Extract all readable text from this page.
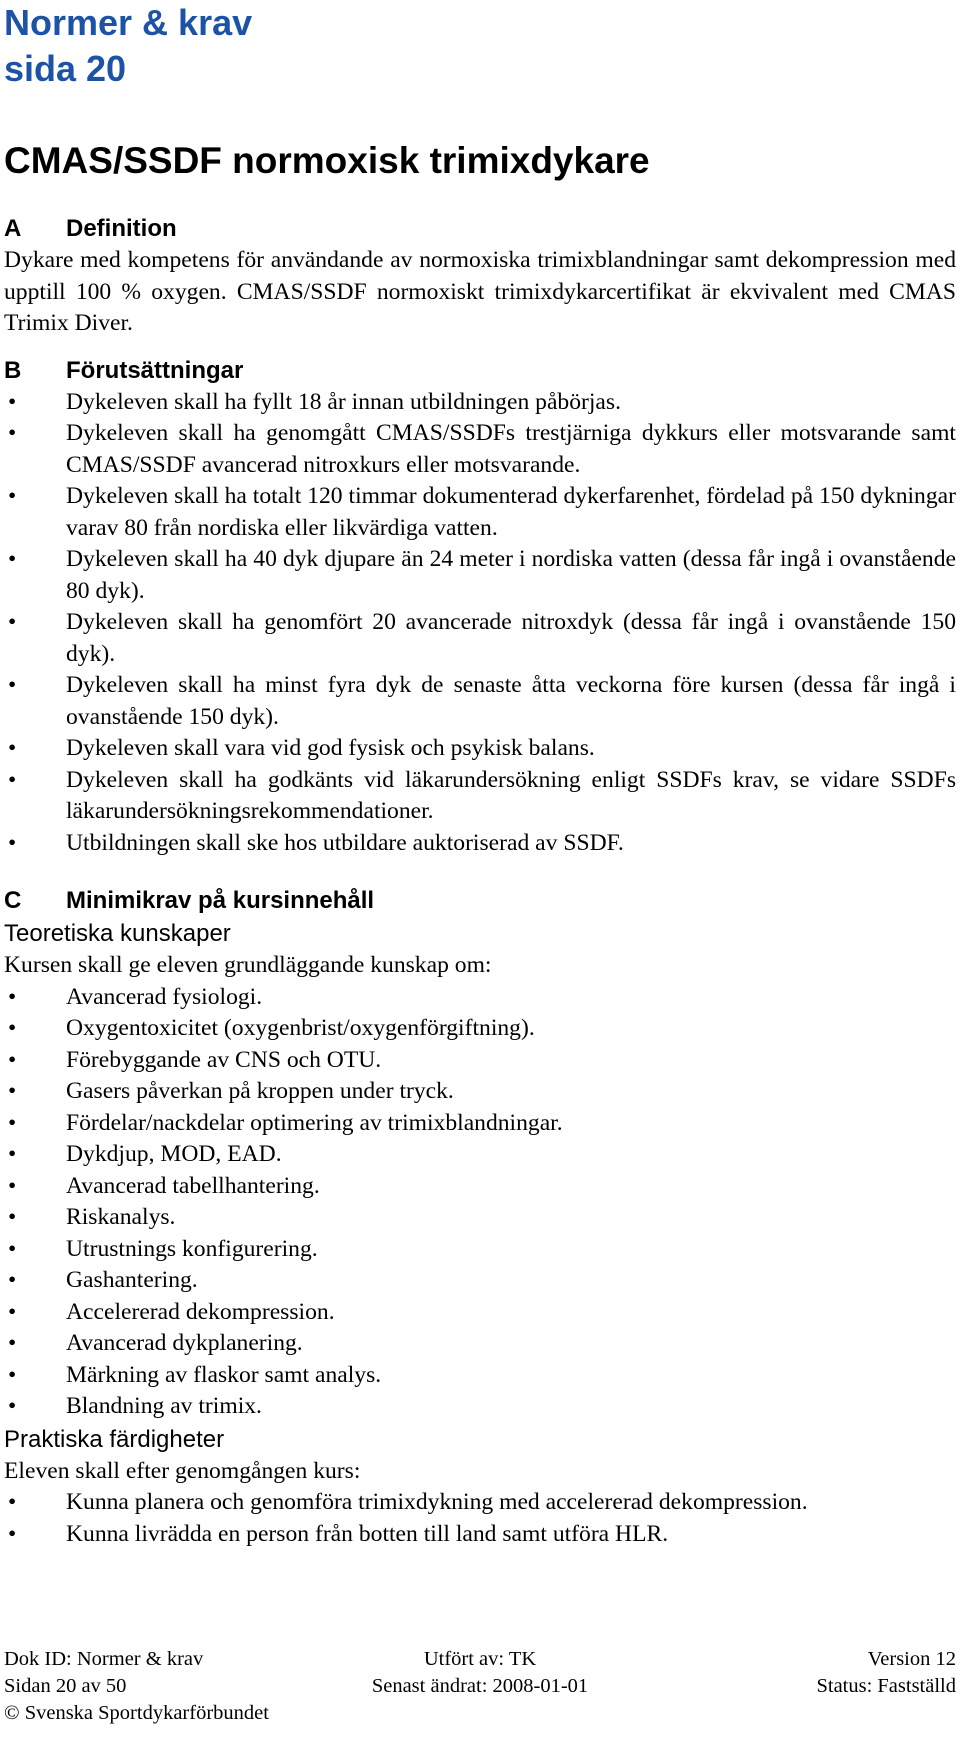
Normer & krav
sida 20
CMAS/SSDF normoxisk trimixdykare
A	Definition

Dykare med kompetens för användande av normoxiska trimixblandningar samt dekompression med upptill 100 % oxygen. CMAS/SSDF normoxiskt trimixdykarcertifikat är ekvivalent med CMAS Trimix Diver.

B	Förutsättningar
• Dykeleven skall ha fyllt 18 år innan utbildningen påbörjas.
• Dykeleven skall ha genomgått CMAS/SSDFs trestjärniga dykkurs eller motsvarande samt CMAS/SSDF avancerad nitroxkurs eller motsvarande.
• Dykeleven skall ha totalt 120 timmar dokumenterad dykerfarenhet, fördelad på 150 dykningar varav 80 från nordiska eller likvärdiga vatten.
• Dykeleven skall ha 40 dyk djupare än 24 meter i nordiska vatten (dessa får ingå i ovanstående 80 dyk).
• Dykeleven skall ha genomfört 20 avancerade nitroxdyk (dessa får ingå i ovanstående 150 dyk).
• Dykeleven skall ha minst fyra dyk de senaste åtta veckorna före kursen (dessa får ingå i ovanstående 150 dyk).
• Dykeleven skall vara vid god fysisk och psykisk balans.
• Dykeleven skall ha godkänts vid läkarundersökning enligt SSDFs krav, se vidare SSDFs läkarundersökningsrekommendationer.
• Utbildningen skall ske hos utbildare auktoriserad av SSDF.
C	Minimikrav på kursinnehåll

Teoretiska kunskaper

Kursen skall ge eleven grundläggande kunskap om:

• Avancerad fysiologi.
• Oxygentoxicitet (oxygenbrist/oxygenförgiftning).
• Förebyggande av CNS och OTU.
• Gasers påverkan på kroppen under tryck.
• Fördelar/nackdelar optimering av trimixblandningar.
• Dykdjup, MOD, EAD.
• Avancerad tabellhantering.
• Riskanalys.
• Utrustnings konfigurering.
• Gashantering.
• Accelererad dekompression.
• Avancerad dykplanering.
• Märkning av flaskor samt analys.
• Blandning av trimix.

Praktiska färdigheter

Eleven skall efter genomgången kurs:

• Kunna planera och genomföra trimixdykning med accelererad dekompression.
• Kunna livrädda en person från botten till land samt utföra HLR.
Dok ID: Normer & krav	Utfört av: TK	Version 12
Sidan 20 av 50	Senast ändrat: 2008-01-01	Status: Fastställd
© Svenska Sportdykarförbundet
